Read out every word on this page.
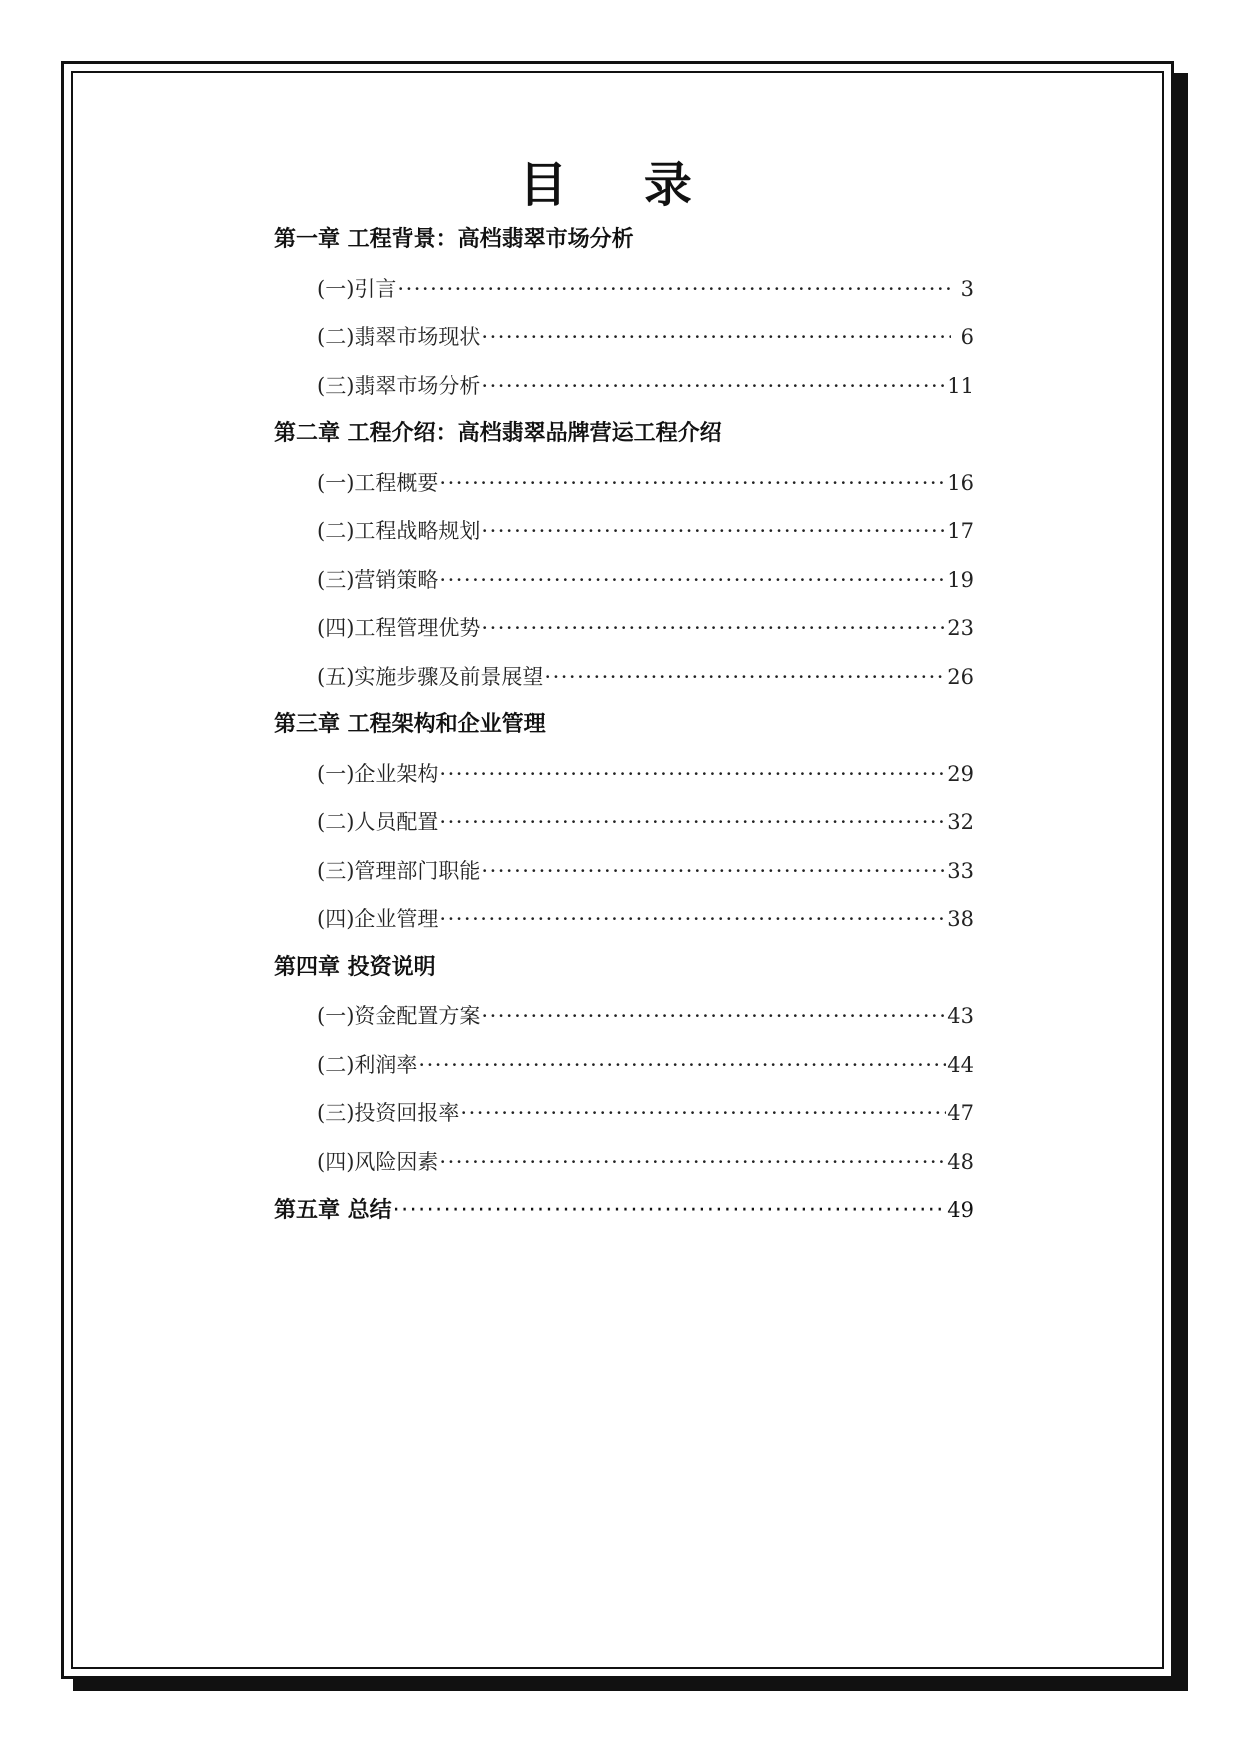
目 录
第一章 工程背景：高档翡翠市场分析
(一)引言 ·····	3
(二)翡翠市场现状 ·····	6
(三)翡翠市场分析 ·····	11
第二章 工程介绍：高档翡翠品牌营运工程介绍
(一)工程概要 ·····	16
(二)工程战略规划 ·····	17
(三)营销策略 ·····	19
(四)工程管理优势 ·····	23
(五)实施步骤及前景展望 ·····	26
第三章 工程架构和企业管理
(一)企业架构 ·····	29
(二)人员配置 ·····	32
(三)管理部门职能 ·····	33
(四)企业管理 ·····	38
第四章 投资说明
(一)资金配置方案 ·····	43
(二)利润率 ·····	44
(三)投资回报率 ·····	47
(四)风险因素 ·····	48
第五章 总结 ·····	49
